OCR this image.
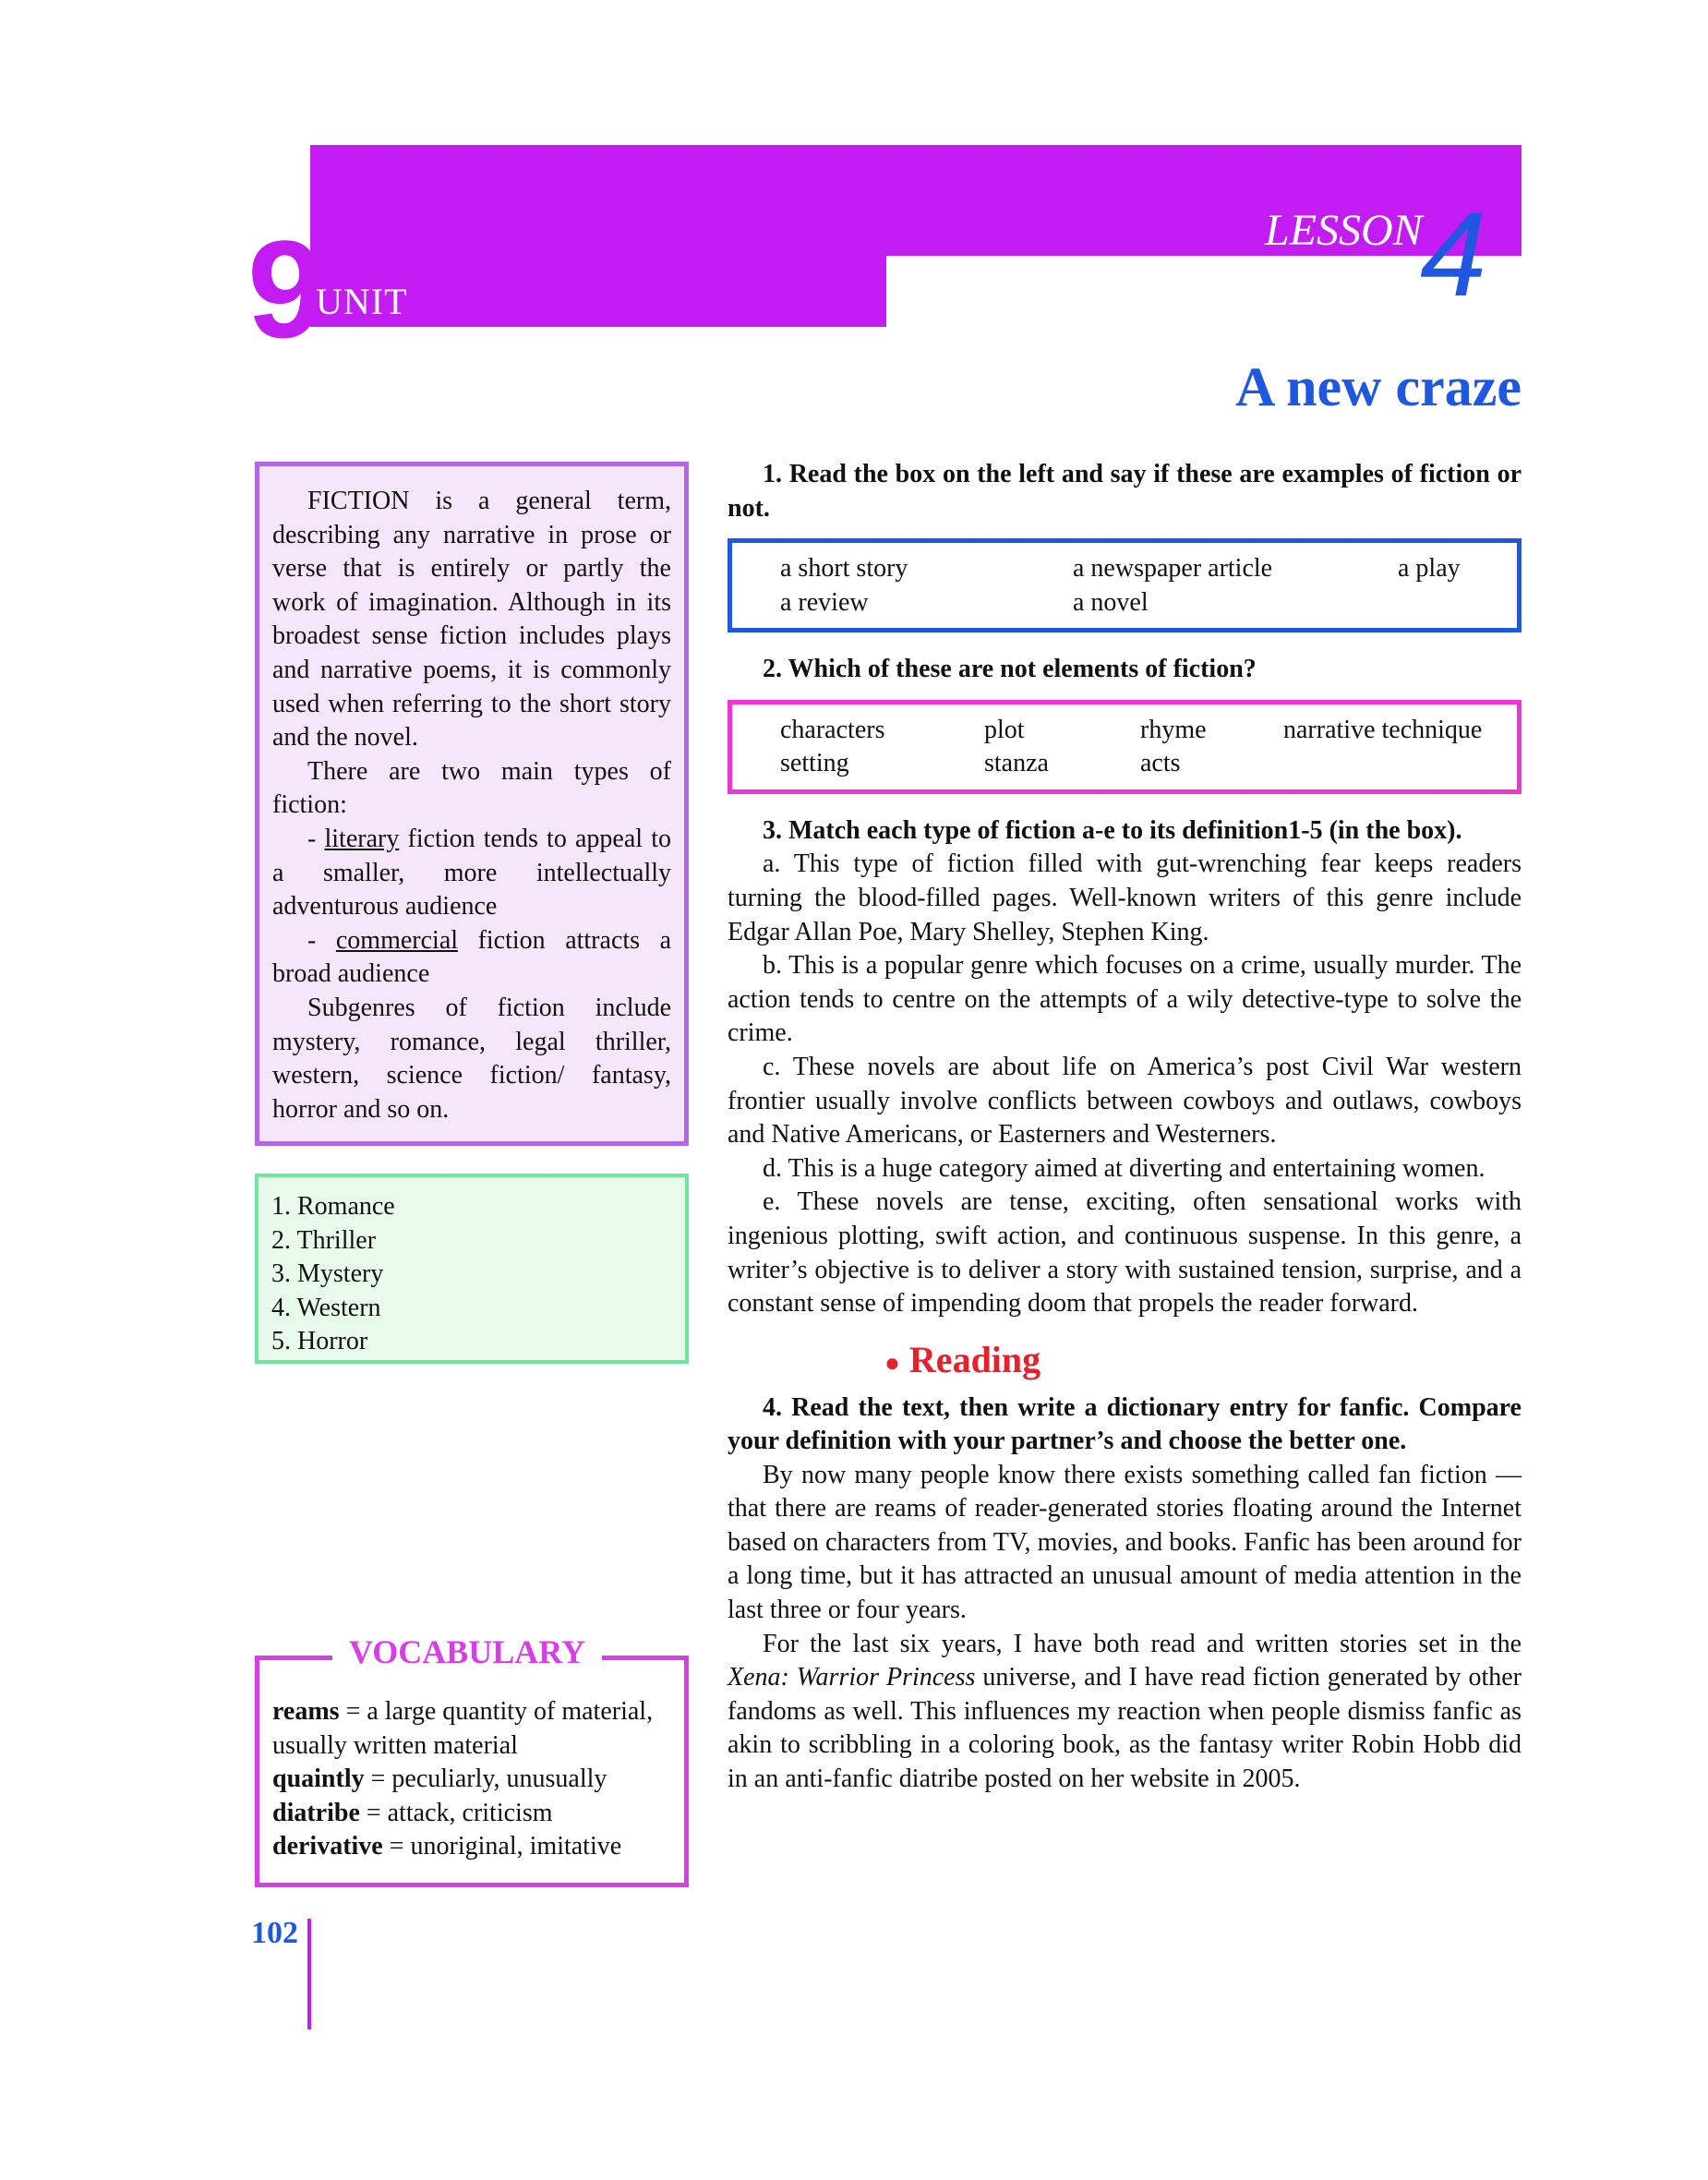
9
UNIT
LESSON
4
A new craze

FICTION is a general term, describing any narrative in prose or verse that is entirely or partly the work of imagination. Although in its broadest sense fiction includes plays and narrative poems, it is commonly used when referring to the short story and the novel.

There are two main types of fiction:

- literary fiction tends to appeal to a smaller, more intellectually adventurous audience

- commercial fiction attracts a broad audience

Subgenres of fiction include mystery, romance, legal thriller, western, science fiction/ fantasy, horror and so on.

1. Romance
2. Thriller
3. Mystery
4. Western
5. Horror
reams = a large quantity of material, usually written material
quaintly = peculiarly, unusually
diatribe = attack, criticism
derivative = unoriginal, imitative
VOCABULARY
102

1. Read the box on the left and say if these are examples of fiction or not.

a short story	a newspaper article	a play
a review	a novel

2. Which of these are not elements of fiction?

characters	plot	rhyme	narrative technique
setting	stanza	acts

3. Match each type of fiction a-e to its definition1-5 (in the box).

a. This type of fiction filled with gut-wrenching fear keeps readers turning the blood-filled pages. Well-known writers of this genre include Edgar Allan Poe, Mary Shelley, Stephen King.

b. This is a popular genre which focuses on a crime, usually murder. The action tends to centre on the attempts of a wily detective-type to solve the crime.

c. These novels are about life on America’s post Civil War western frontier usually involve conflicts between cowboys and outlaws, cowboys and Native Americans, or Easterners and Westerners.

d. This is a huge category aimed at diverting and entertaining women.

e. These novels are tense, exciting, often sensational works with ingenious plotting, swift action, and continuous suspense. In this genre, a writer’s objective is to deliver a story with sustained tension, surprise, and a constant sense of impending doom that propels the reader forward.

● Reading

4. Read the text, then write a dictionary entry for fanfic. Compare your definition with your partner’s and choose the better one.

By now many people know there exists something called fan fiction — that there are reams of reader-generated stories floating around the Internet based on characters from TV, movies, and books. Fanfic has been around for a long time, but it has attracted an unusual amount of media attention in the last three or four years.

For the last six years, I have both read and written stories set in the Xena: Warrior Princess universe, and I have read fiction generated by other fandoms as well. This influences my reaction when people dismiss fanfic as akin to scribbling in a coloring book, as the fantasy writer Robin Hobb did in an anti-fanfic diatribe posted on her website in 2005.
